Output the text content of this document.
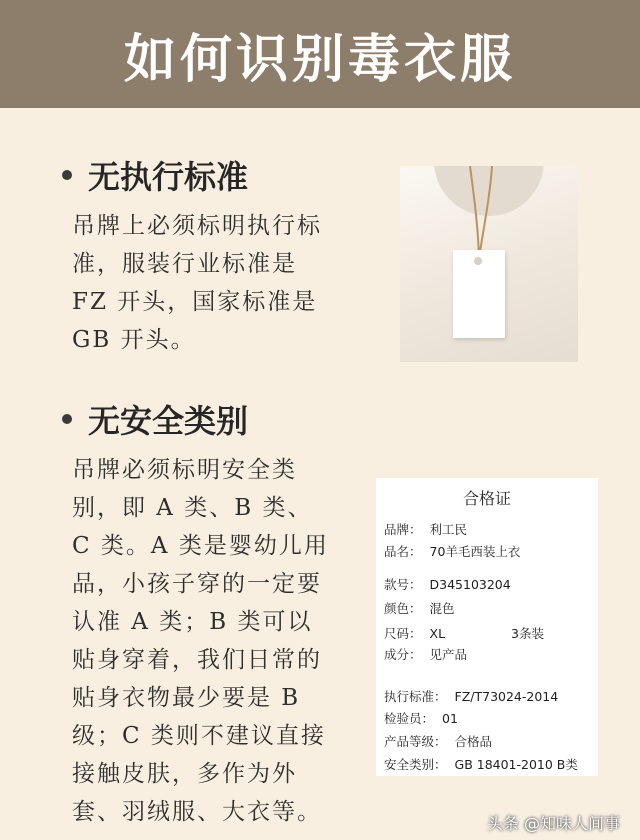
如何识别毒衣服
无执行标准
吊牌上必须标明执行标
准，服装行业标准是
FZ 开头，国家标准是
GB 开头。
无安全类别
吊牌必须标明安全类
别，即 A 类、B 类、
C 类。A 类是婴幼儿用
品，小孩子穿的一定要
认准 A 类；B 类可以
贴身穿着，我们日常的
贴身衣物最少要是 B
级；C 类则不建议直接
接触皮肤，多作为外
套、羽绒服、大衣等。
合格证
品牌： 利工民
品名： 70羊毛西装上衣
款号： D345103204
颜色： 混色
尺码： XL	3条装
成分： 见产品
执行标准： FZ/T73024-2014
检验员： 01
产品等级： 合格品
安全类别： GB 18401-2010 B类
头条 @知味人间事
